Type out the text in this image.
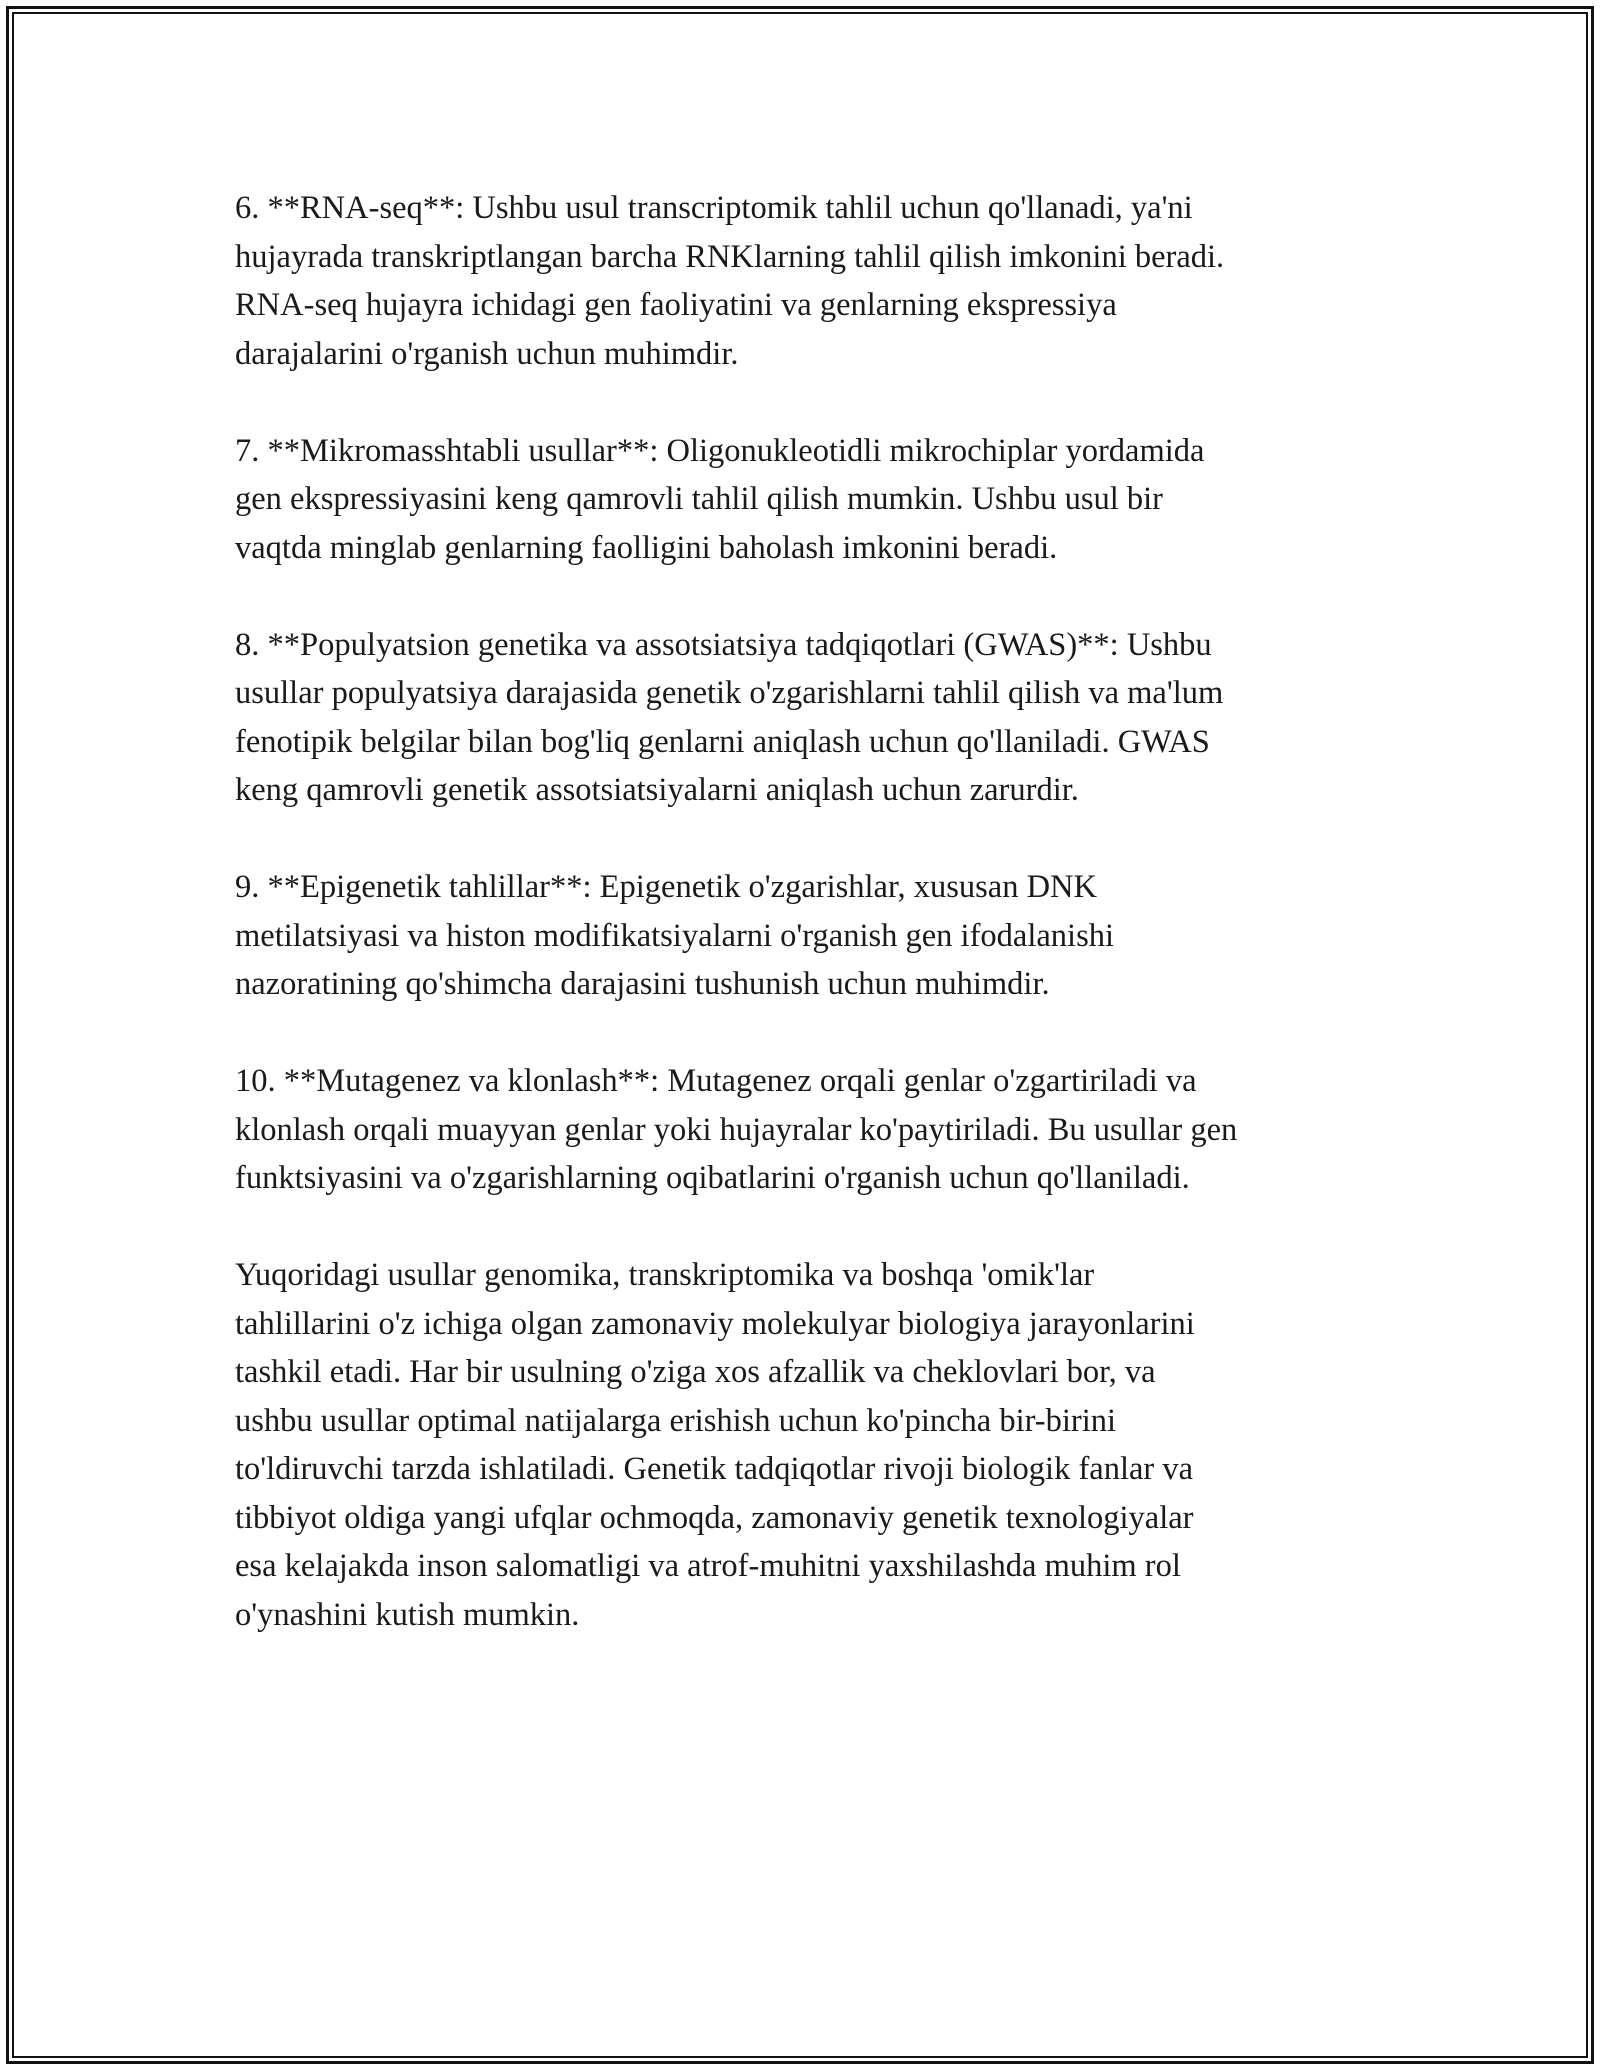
6. **RNA-seq**: Ushbu usul transcriptomik tahlil uchun qo'llanadi, ya'ni
hujayrada transkriptlangan barcha RNKlarning tahlil qilish imkonini beradi.
RNA-seq hujayra ichidagi gen faoliyatini va genlarning ekspressiya
darajalarini o'rganish uchun muhimdir.

7. **Mikromasshtabli usullar**: Oligonukleotidli mikrochiplar yordamida
gen ekspressiyasini keng qamrovli tahlil qilish mumkin. Ushbu usul bir
vaqtda minglab genlarning faolligini baholash imkonini beradi.

8. **Populyatsion genetika va assotsiatsiya tadqiqotlari (GWAS)**: Ushbu
usullar populyatsiya darajasida genetik o'zgarishlarni tahlil qilish va ma'lum
fenotipik belgilar bilan bog'liq genlarni aniqlash uchun qo'llaniladi. GWAS
keng qamrovli genetik assotsiatsiyalarni aniqlash uchun zarurdir.

9. **Epigenetik tahlillar**: Epigenetik o'zgarishlar, xususan DNK
metilatsiyasi va histon modifikatsiyalarni o'rganish gen ifodalanishi
nazoratining qo'shimcha darajasini tushunish uchun muhimdir.

10. **Mutagenez va klonlash**: Mutagenez orqali genlar o'zgartiriladi va
klonlash orqali muayyan genlar yoki hujayralar ko'paytiriladi. Bu usullar gen
funktsiyasini va o'zgarishlarning oqibatlarini o'rganish uchun qo'llaniladi.

Yuqoridagi usullar genomika, transkriptomika va boshqa 'omik'lar
tahlillarini o'z ichiga olgan zamonaviy molekulyar biologiya jarayonlarini
tashkil etadi. Har bir usulning o'ziga xos afzallik va cheklovlari bor, va
ushbu usullar optimal natijalarga erishish uchun ko'pincha bir-birini
to'ldiruvchi tarzda ishlatiladi. Genetik tadqiqotlar rivoji biologik fanlar va
tibbiyot oldiga yangi ufqlar ochmoqda, zamonaviy genetik texnologiyalar
esa kelajakda inson salomatligi va atrof-muhitni yaxshilashda muhim rol
o'ynashini kutish mumkin.
